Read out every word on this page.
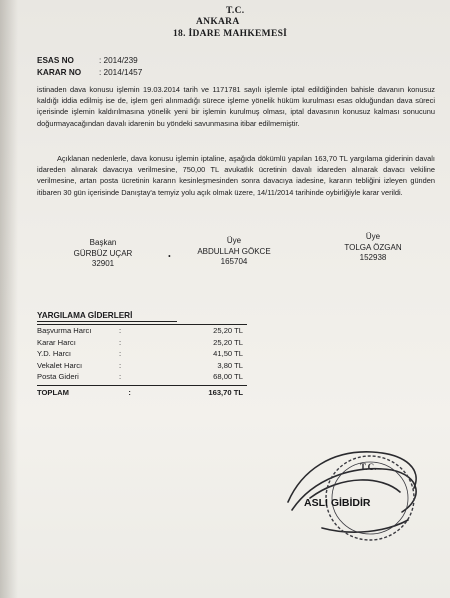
T.C.
ANKARA
18. İDARE MAHKEMESİ
ESAS NO	: 2014/239
KARAR NO : 2014/1457
istinaden dava konusu işlemin 19.03.2014 tarih ve 1171781 sayılı işlemle iptal edildiğinden bahisle davanın konusuz kaldığı iddia edilmiş ise de, işlem geri alınmadığı sürece işleme yönelik hüküm kurulması esas olduğundan dava süreci içerisinde işlemin kaldırılmasına yönelik yeni bir işlemin kurulmuş olması, iptal davasının konusuz kalması sonucunu doğurmayacağından davalı idarenin bu yöndeki savunmasına itibar edilmemiştir.
Açıklanan nedenlerle, dava konusu işlemin iptaline, aşağıda dökümlü yapılan 163,70 TL yargılama giderinin davalı idareden alınarak davacıya verilmesine, 750,00 TL avukatlık ücretinin davalı idareden alınarak davacı vekiline verilmesine, artan posta ücretinin kararın kesinleşmesinden sonra davacıya iadesine, kararın tebliğini izleyen günden itibaren 30 gün içerisinde Danıştay'a temyiz yolu açık olmak üzere, 14/11/2014 tarihinde oybirliğiyle karar verildi.
Başkan
GÜRBÜZ UÇAR
32901
•
Üye
ABDULLAH GÖKCE
165704
Üye
TOLGA ÖZGAN
152938
YARGILAMA GİDERLERİ
Başvurma Harcı	:	25,20 TL
Karar Harcı	:	25,20 TL
Y.D. Harcı	:	41,50 TL
Vekalet Harcı	:	3,80 TL
Posta Gideri	:	68,00 TL
TOPLAM	:	163,70 TL
T.C.
ASLI GİBİDİR
